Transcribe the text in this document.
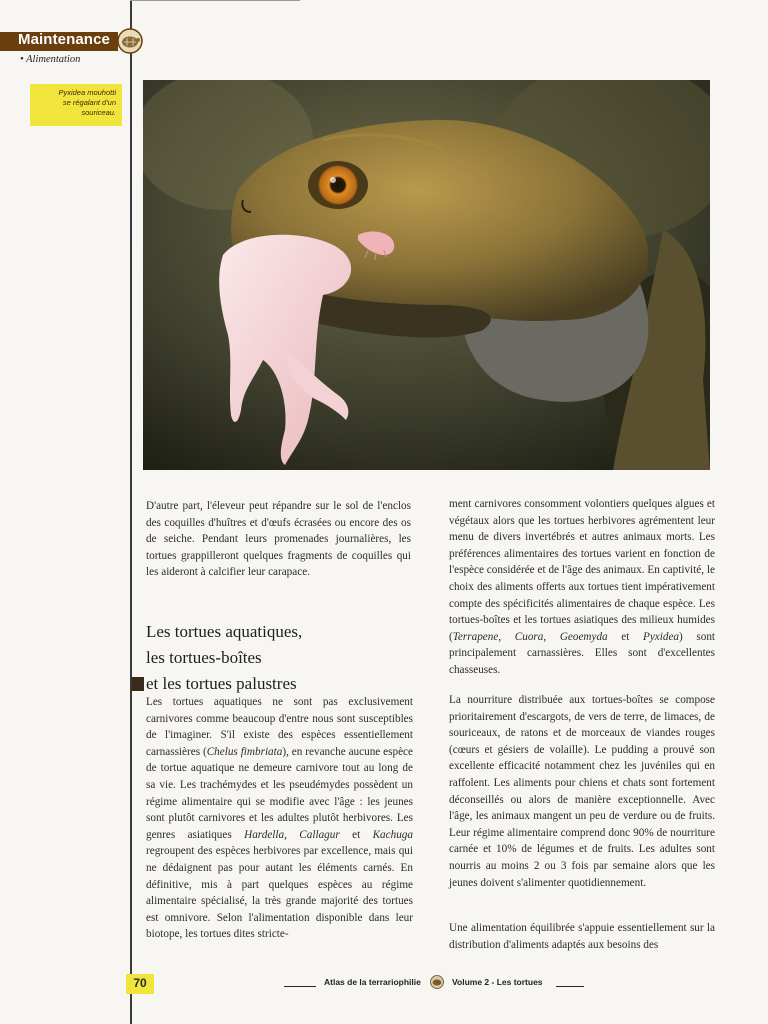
Maintenance
• Alimentation
Pyxidea mouhotti
se régalant d'un
souriceau.
D'autre part, l'éleveur peut répandre sur le sol de l'enclos des coquilles d'huîtres et d'œufs écrasées ou encore des os de seiche. Pendant leurs promenades journalières, les tortues grappilleront quelques fragments de coquilles qui les aideront à calcifier leur carapace.
Les tortues aquatiques,
les tortues-boîtes
et les tortues palustres
Les tortues aquatiques ne sont pas exclusivement carnivores comme beaucoup d'entre nous sont susceptibles de l'imaginer. S'il existe des espèces essentiellement carnassières (Chelus fimbriata), en revanche aucune espèce de tortue aquatique ne demeure carnivore tout au long de sa vie. Les trachémydes et les pseudémydes possèdent un régime alimentaire qui se modifie avec l'âge : les jeunes sont plutôt carnivores et les adultes plutôt herbivores. Les genres asiatiques Hardella, Callagur et Kachuga regroupent des espèces herbivores par excellence, mais qui ne dédaignent pas pour autant les éléments carnés. En définitive, mis à part quelques espèces au régime alimentaire spécialisé, la très grande majorité des tortues est omnivore. Selon l'alimentation disponible dans leur biotope, les tortues dites stricte-
ment carnivores consomment volontiers quelques algues et végétaux alors que les tortues herbivores agrémentent leur menu de divers invertébrés et autres animaux morts. Les préférences alimentaires des tortues varient en fonction de l'espèce considérée et de l'âge des animaux. En captivité, le choix des aliments offerts aux tortues tient impérativement compte des spécificités alimentaires de chaque espèce. Les tortues-boîtes et les tortues asiatiques des milieux humides (Terrapene, Cuora, Geoemyda et Pyxidea) sont principalement carnassières. Elles sont d'excellentes chasseuses.
La nourriture distribuée aux tortues-boîtes se compose prioritairement d'escargots, de vers de terre, de limaces, de souriceaux, de ratons et de morceaux de viandes rouges (cœurs et gésiers de volaille). Le pudding a prouvé son excellente efficacité notamment chez les juvéniles qui en raffolent. Les aliments pour chiens et chats sont fortement déconseillés ou alors de manière exceptionnelle. Avec l'âge, les animaux mangent un peu de verdure ou de fruits. Leur régime alimentaire comprend donc 90% de nourriture carnée et 10% de légumes et de fruits. Les adultes sont nourris au moins 2 ou 3 fois par semaine alors que les jeunes doivent s'alimenter quotidiennement.
Une alimentation équilibrée s'appuie essentiellement sur la distribution d'aliments adaptés aux besoins des
70	Atlas de la terrariophilie	Volume 2 - Les tortues
